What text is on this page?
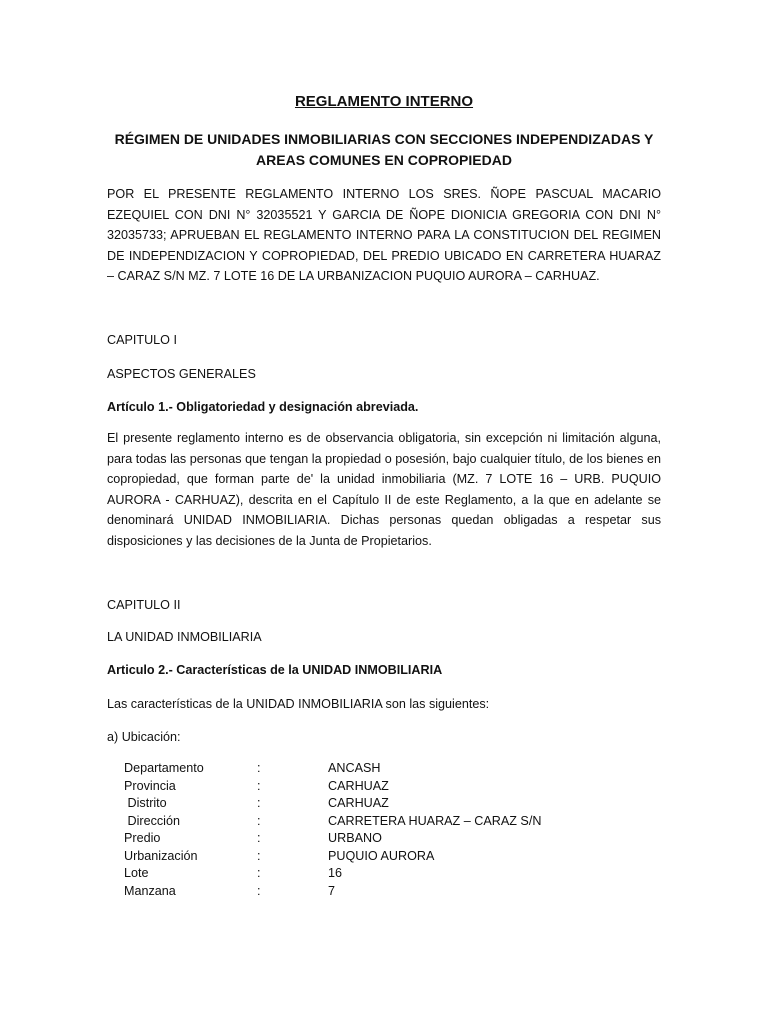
REGLAMENTO INTERNO
RÉGIMEN DE UNIDADES INMOBILIARIAS CON SECCIONES INDEPENDIZADAS Y AREAS COMUNES EN COPROPIEDAD
POR EL PRESENTE REGLAMENTO INTERNO LOS SRES. ÑOPE PASCUAL MACARIO EZEQUIEL CON DNI N° 32035521 Y GARCIA DE ÑOPE DIONICIA GREGORIA CON DNI N° 32035733; APRUEBAN EL REGLAMENTO INTERNO PARA LA CONSTITUCION DEL REGIMEN DE INDEPENDIZACION Y COPROPIEDAD, DEL PREDIO UBICADO EN CARRETERA HUARAZ – CARAZ S/N MZ. 7 LOTE 16 DE LA URBANIZACION PUQUIO AURORA – CARHUAZ.
CAPITULO I
ASPECTOS GENERALES
Artículo 1.- Obligatoriedad y designación abreviada.
El presente reglamento interno es de observancia obligatoria, sin excepción ni limitación alguna, para todas las personas que tengan la propiedad o posesión, bajo cualquier título, de los bienes en copropiedad, que forman parte de' la unidad inmobiliaria (MZ. 7 LOTE 16 – URB. PUQUIO AURORA - CARHUAZ), descrita en el Capítulo II de este Reglamento, a la que en adelante se denominará UNIDAD INMOBILIARIA. Dichas personas quedan obligadas a respetar sus disposiciones y las decisiones de la Junta de Propietarios.
CAPITULO II
LA UNIDAD INMOBILIARIA
Articulo 2.- Características de la UNIDAD INMOBILIARIA
Las características de la UNIDAD INMOBILIARIA son las siguientes:
a) Ubicación:
Departamento	:	ANCASH
Provincia	:	CARHUAZ
Distrito	:	CARHUAZ
Dirección	:	CARRETERA HUARAZ – CARAZ S/N
Predio	:	URBANO
Urbanización	:	PUQUIO AURORA
Lote	:	16
Manzana	:	7
